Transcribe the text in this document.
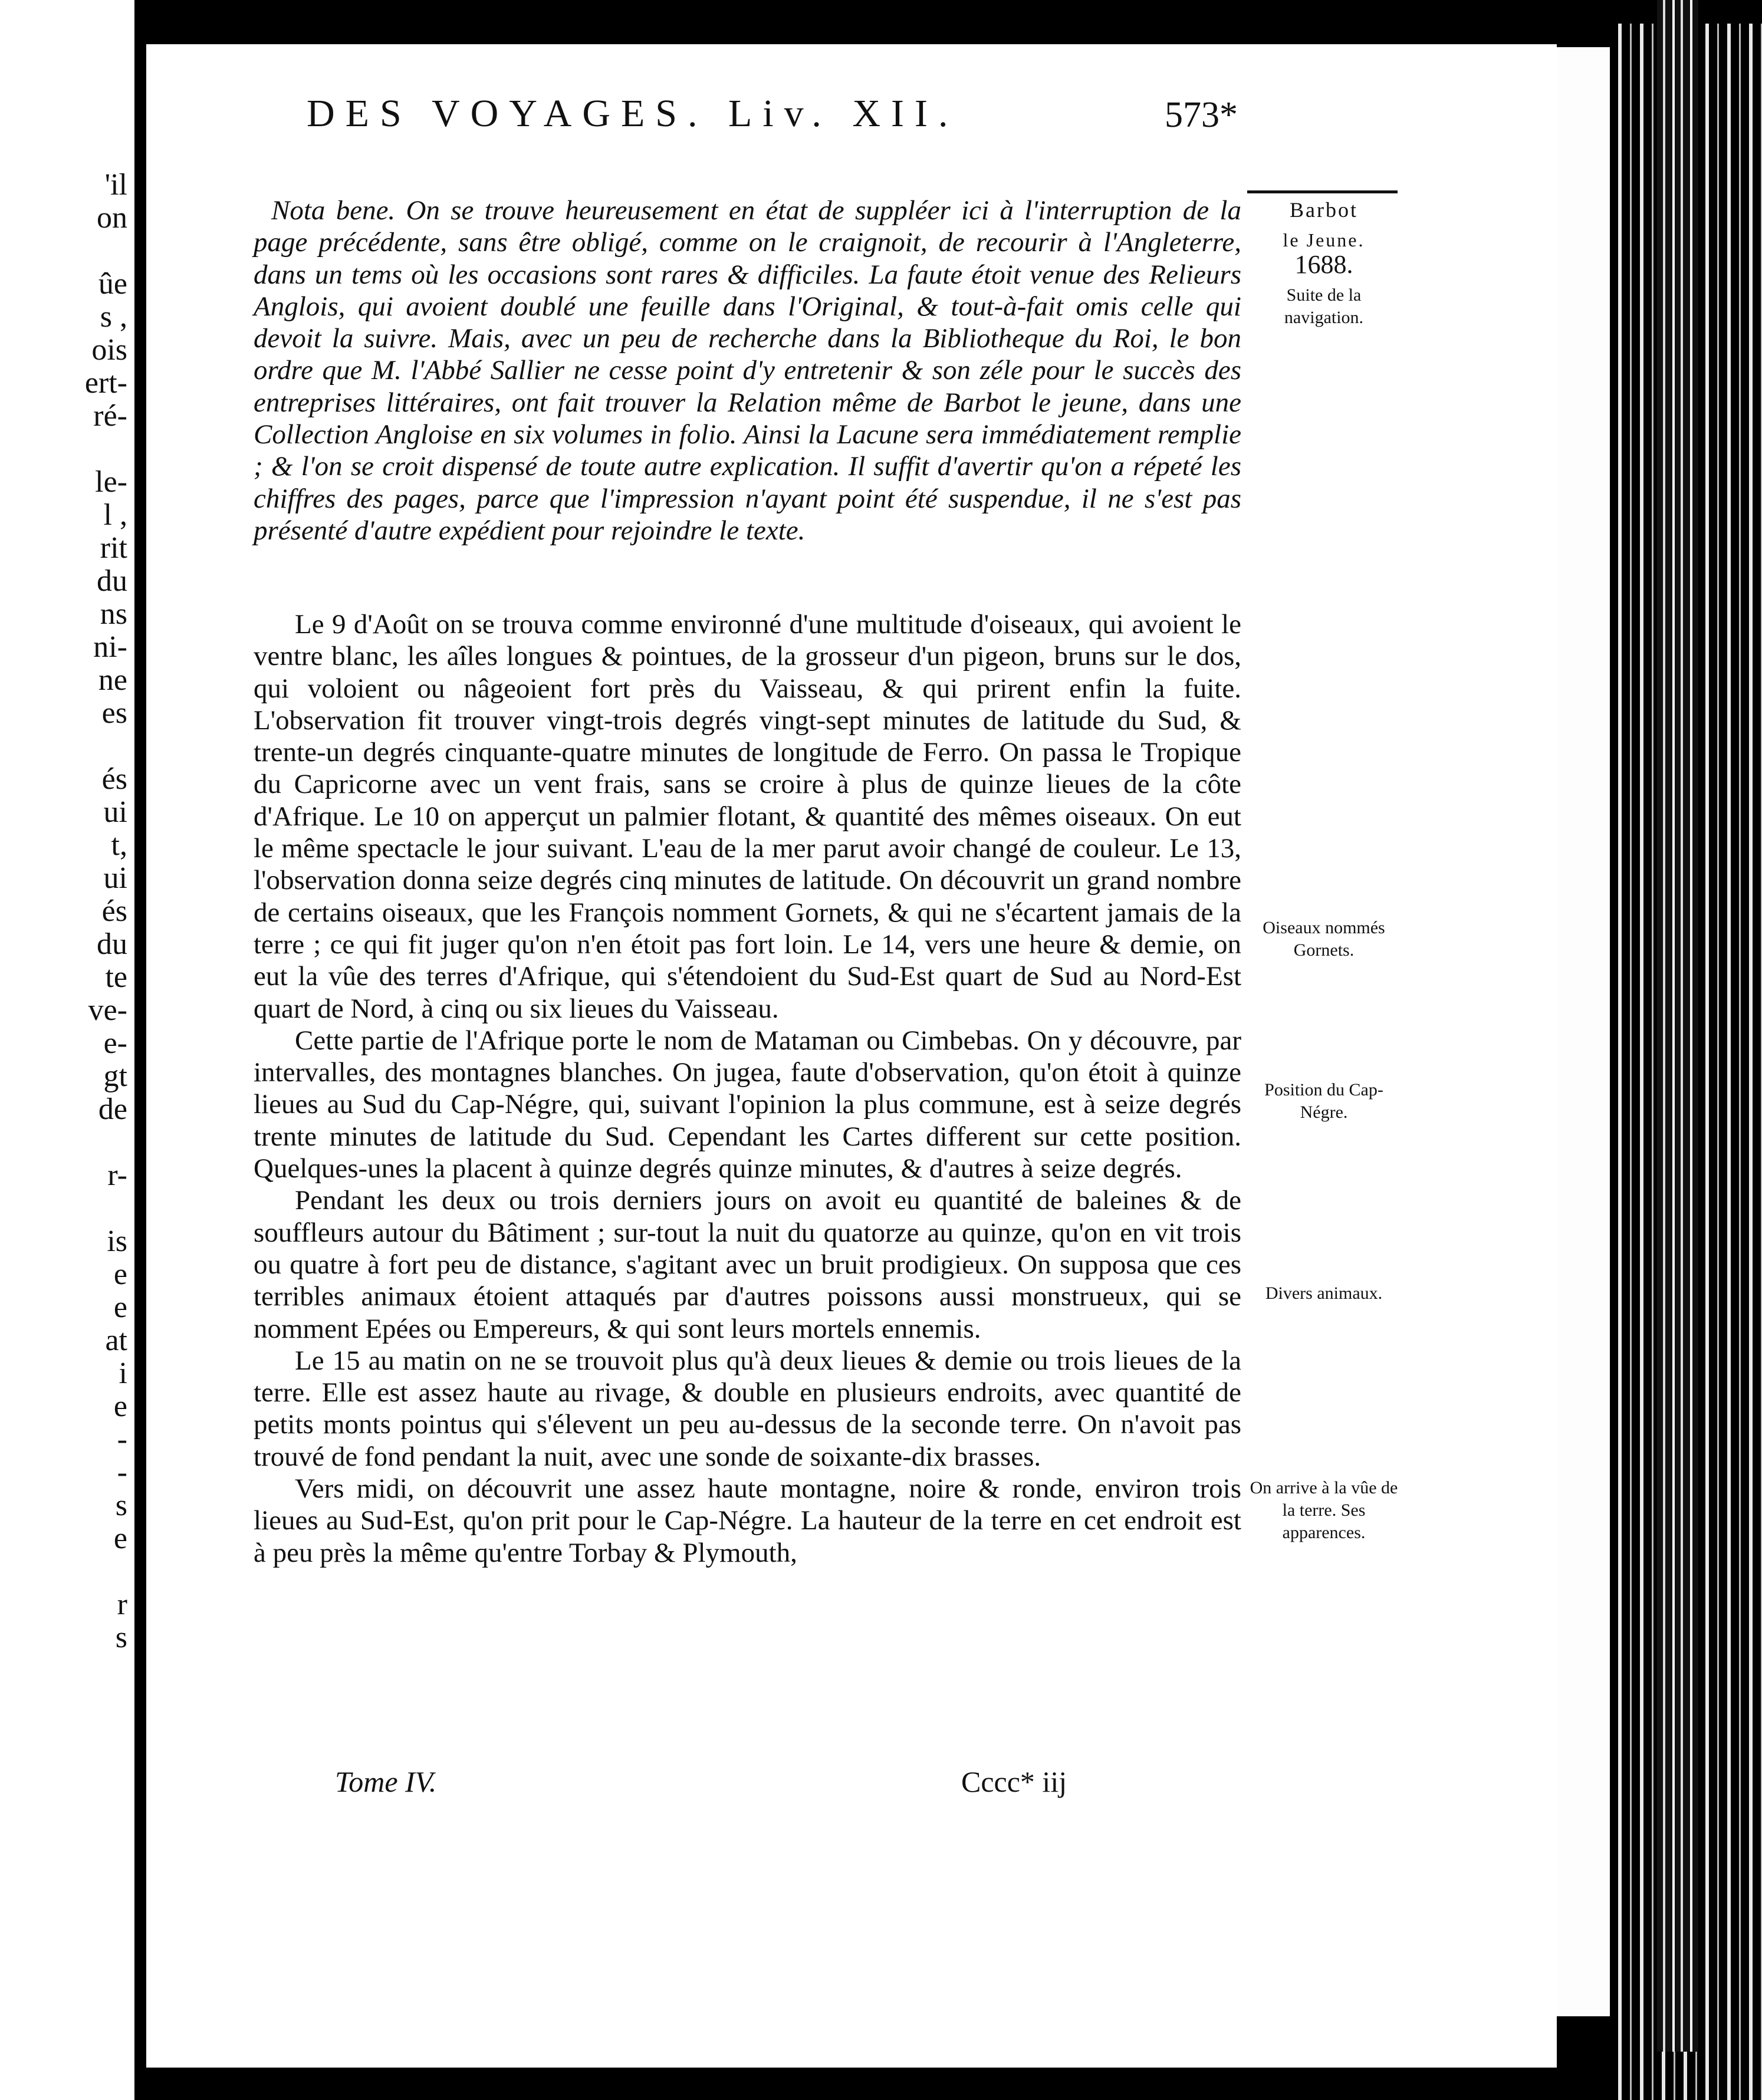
'il
on
ûe
s ,
ois
ert-
ré-
le-
l ,
rit
du
ns
ni-
ne
es
és
ui
t,
ui
és
du
te
ve-
e-
gt
de
r-
is
e
e
at
i
e
-
-
s
e
r
s
DES VOYAGES. Liv. XII.	573*
Barbot
le Jeune.
1688.
Suite de la navigation.
Nota bene. On se trouve heureusement en état de suppléer ici à l'interruption de la page précédente, sans être obligé, comme on le craignoit, de recourir à l'Angleterre, dans un tems où les occasions sont rares & difficiles. La faute étoit venue des Relieurs Anglois, qui avoient doublé une feuille dans l'Original, & tout-à-fait omis celle qui devoit la suivre. Mais, avec un peu de recherche dans la Bibliotheque du Roi, le bon ordre que M. l'Abbé Sallier ne cesse point d'y entretenir & son zéle pour le succès des entreprises littéraires, ont fait trouver la Relation même de Barbot le jeune, dans une Collection Angloise en six volumes in folio. Ainsi la Lacune sera immédiatement remplie ; & l'on se croit dispensé de toute autre explication. Il suffit d'avertir qu'on a répeté les chiffres des pages, parce que l'impression n'ayant point été suspendue, il ne s'est pas présenté d'autre expédient pour rejoindre le texte.

Le 9 d'Août on se trouva comme environné d'une multitude d'oiseaux, qui avoient le ventre blanc, les aîles longues & pointues, de la grosseur d'un pigeon, bruns sur le dos, qui voloient ou nâgeoient fort près du Vaisseau, & qui prirent enfin la fuite. L'observation fit trouver vingt-trois degrés vingt-sept minutes de latitude du Sud, & trente-un degrés cinquante-quatre minutes de longitude de Ferro. On passa le Tropique du Capricorne avec un vent frais, sans se croire à plus de quinze lieues de la côte d'Afrique. Le 10 on apperçut un palmier flotant, & quantité des mêmes oiseaux. On eut le même spectacle le jour suivant. L'eau de la mer parut avoir changé de couleur. Le 13, l'observation donna seize degrés cinq minutes de latitude. On découvrit un grand nombre de certains oiseaux, que les François nomment Gornets, & qui ne s'écartent jamais de la terre ; ce qui fit juger qu'on n'en étoit pas fort loin. Le 14, vers une heure & demie, on eut la vûe des terres d'Afrique, qui s'étendoient du Sud-Est quart de Sud au Nord-Est quart de Nord, à cinq ou six lieues du Vaisseau.

Cette partie de l'Afrique porte le nom de Mataman ou Cimbebas. On y découvre, par intervalles, des montagnes blanches. On jugea, faute d'observation, qu'on étoit à quinze lieues au Sud du Cap-Négre, qui, suivant l'opinion la plus commune, est à seize degrés trente minutes de latitude du Sud. Cependant les Cartes different sur cette position. Quelques-unes la placent à quinze degrés quinze minutes, & d'autres à seize degrés.

Pendant les deux ou trois derniers jours on avoit eu quantité de baleines & de souffleurs autour du Bâtiment ; sur-tout la nuit du quatorze au quinze, qu'on en vit trois ou quatre à fort peu de distance, s'agitant avec un bruit prodigieux. On supposa que ces terribles animaux étoient attaqués par d'autres poissons aussi monstrueux, qui se nomment Epées ou Empereurs, & qui sont leurs mortels ennemis.

Le 15 au matin on ne se trouvoit plus qu'à deux lieues & demie ou trois lieues de la terre. Elle est assez haute au rivage, & double en plusieurs endroits, avec quantité de petits monts pointus qui s'élevent un peu au-dessus de la seconde terre. On n'avoit pas trouvé de fond pendant la nuit, avec une sonde de soixante-dix brasses.

Vers midi, on découvrit une assez haute montagne, noire & ronde, environ trois lieues au Sud-Est, qu'on prit pour le Cap-Négre. La hauteur de la terre en cet endroit est à peu près la même qu'entre Torbay & Plymouth,

Oiseaux nommés Gornets.
Position du Cap-Négre.
Divers animaux.
On arrive à la vûe de la terre. Ses apparences.
Tome IV.	Cccc* iij
